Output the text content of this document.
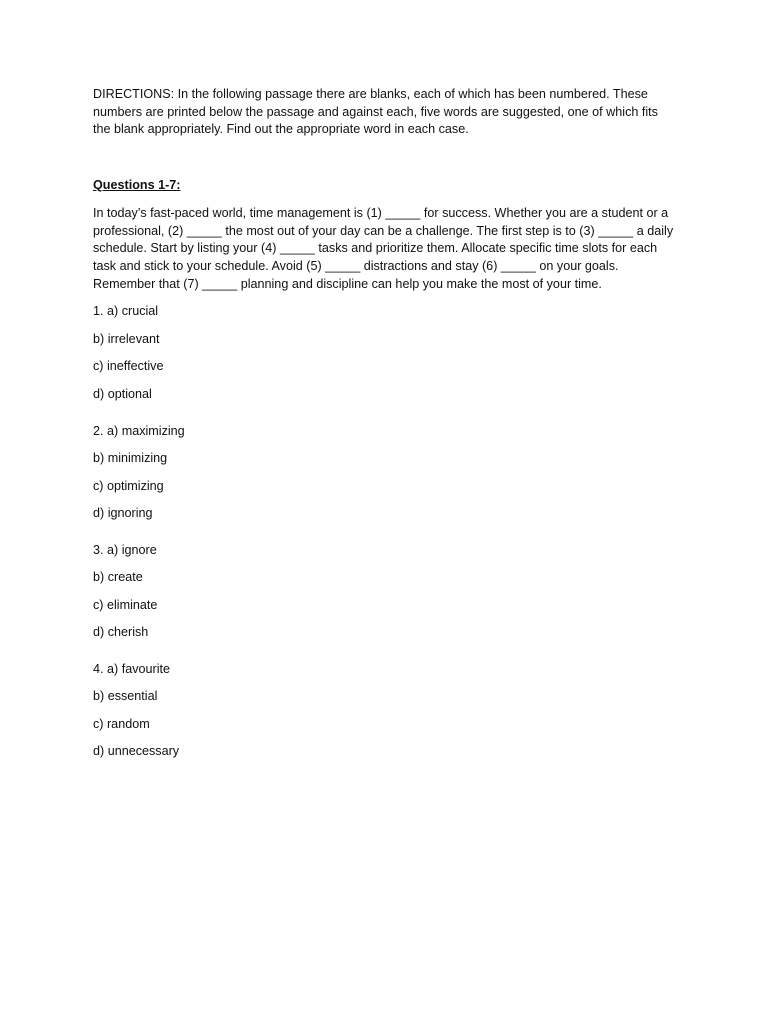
DIRECTIONS: In the following passage there are blanks, each of which has been numbered. These numbers are printed below the passage and against each, five words are suggested, one of which fits the blank appropriately. Find out the appropriate word in each case.

Questions 1-7:

In today’s fast-paced world, time management is (1) _____ for success. Whether you are a student or a professional, (2) _____ the most out of your day can be a challenge. The first step is to (3) _____ a daily schedule. Start by listing your (4) _____ tasks and prioritize them. Allocate specific time slots for each task and stick to your schedule. Avoid (5) _____ distractions and stay (6) _____ on your goals. Remember that (7) _____ planning and discipline can help you make the most of your time.

1. a) crucial

b) irrelevant

c) ineffective

d) optional

2. a) maximizing

b) minimizing

c) optimizing

d) ignoring

3. a) ignore

b) create

c) eliminate

d) cherish

4. a) favourite

b) essential

c) random

d) unnecessary
